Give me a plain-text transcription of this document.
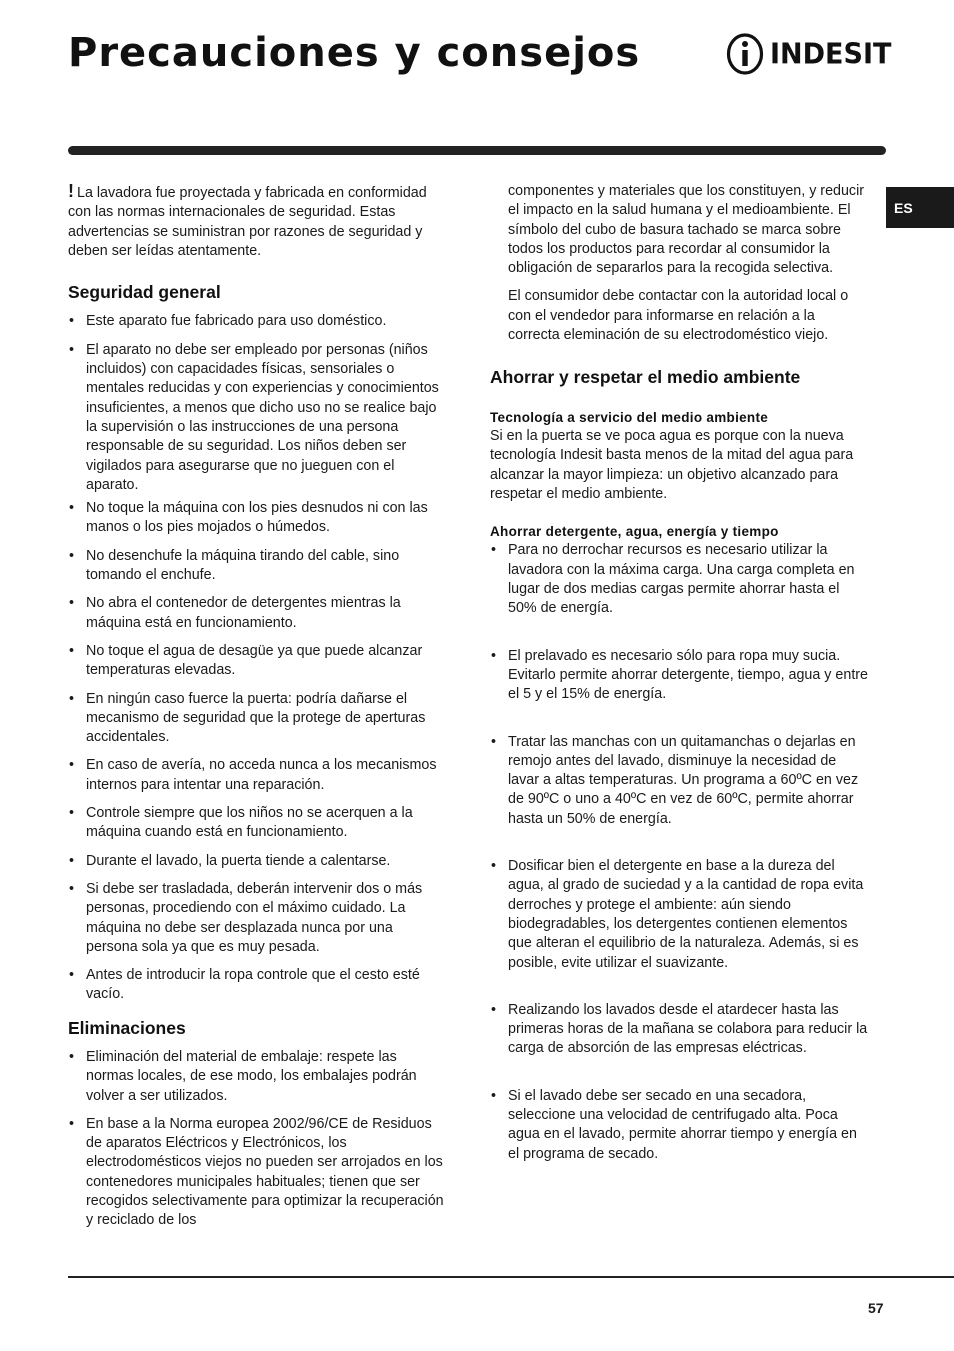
Precauciones y consejos	INDESIT
ES

! La lavadora fue proyectada y fabricada en conformidad con las normas internacionales de seguridad. Estas advertencias se suministran por razones de seguridad y deben ser leídas atentamente.

Seguridad general
• Este aparato fue fabricado para uso doméstico.
• El aparato no debe ser empleado por personas (niños incluidos) con capacidades físicas, sensoriales o mentales reducidas y con experiencias y conocimientos insuficientes, a menos que dicho uso no se realice bajo la supervisión o las instrucciones de una persona responsable de su seguridad. Los niños deben ser vigilados para asegurarse que no jueguen con el aparato.
• No toque la máquina con los pies desnudos ni con las manos o los pies mojados o húmedos.
• No desenchufe la máquina tirando del cable, sino tomando el enchufe.
• No abra el contenedor de detergentes mientras la máquina está en funcionamiento.
• No toque el agua de desagüe ya que puede alcanzar temperaturas elevadas.
• En ningún caso fuerce la puerta: podría dañarse el mecanismo de seguridad que la protege de aperturas accidentales.
• En caso de avería, no acceda nunca a los mecanismos internos para intentar una reparación.
• Controle siempre que los niños no se acerquen a la máquina cuando está en funcionamiento.
• Durante el lavado, la puerta tiende a calentarse.
• Si debe ser trasladada, deberán intervenir dos o más personas, procediendo con el máximo cuidado. La máquina no debe ser desplazada nunca por una persona sola ya que es muy pesada.
• Antes de introducir la ropa controle que el cesto esté vacío.
Eliminaciones
• Eliminación del material de embalaje: respete las normas locales, de ese modo, los embalajes podrán volver a ser utilizados.
• En base a la Norma europea 2002/96/CE de Residuos de aparatos Eléctricos y Electrónicos, los electrodomésticos viejos no pueden ser arrojados en los contenedores municipales habituales; tienen que ser recogidos selectivamente para optimizar la recuperación y reciclado de los

componentes y materiales que los constituyen, y reducir el impacto en la salud humana y el medioambiente. El símbolo del cubo de basura tachado se marca sobre todos los productos para recordar al consumidor la obligación de separarlos para la recogida selectiva.

El consumidor debe contactar con la autoridad local o con el vendedor para informarse en relación a la correcta eleminación de su electrodoméstico viejo.

Ahorrar y respetar el medio ambiente
Tecnología a servicio del medio ambiente

Si en la puerta se ve poca agua es porque con la nueva tecnología Indesit basta menos de la mitad del agua para alcanzar la mayor limpieza: un objetivo alcanzado para respetar el medio ambiente.

Ahorrar detergente, agua, energía y tiempo
• Para no derrochar recursos es necesario utilizar la lavadora con la máxima carga. Una carga completa en lugar de dos medias cargas permite ahorrar hasta el 50% de energía.
• El prelavado es necesario sólo para ropa muy sucia. Evitarlo permite ahorrar detergente, tiempo, agua y entre el 5 y el 15% de energía.
• Tratar las manchas con un quitamanchas o dejarlas en remojo antes del lavado, disminuye la necesidad de lavar a altas temperaturas. Un programa a 60ºC en vez de 90ºC o uno a 40ºC en vez de 60ºC, permite ahorrar hasta un 50% de energía.
• Dosificar bien el detergente en base a la dureza del agua, al grado de suciedad y a la cantidad de ropa evita derroches y protege el ambiente: aún siendo biodegradables, los detergentes contienen elementos que alteran el equilibrio de la naturaleza. Además, si es posible, evite utilizar el suavizante.
• Realizando los lavados desde el atardecer hasta las primeras horas de la mañana se colabora para reducir la carga de absorción de las empresas eléctricas.
• Si el lavado debe ser secado en una secadora, seleccione una velocidad de centrifugado alta. Poca agua en el lavado, permite ahorrar tiempo y energía en el programa de secado.
57
